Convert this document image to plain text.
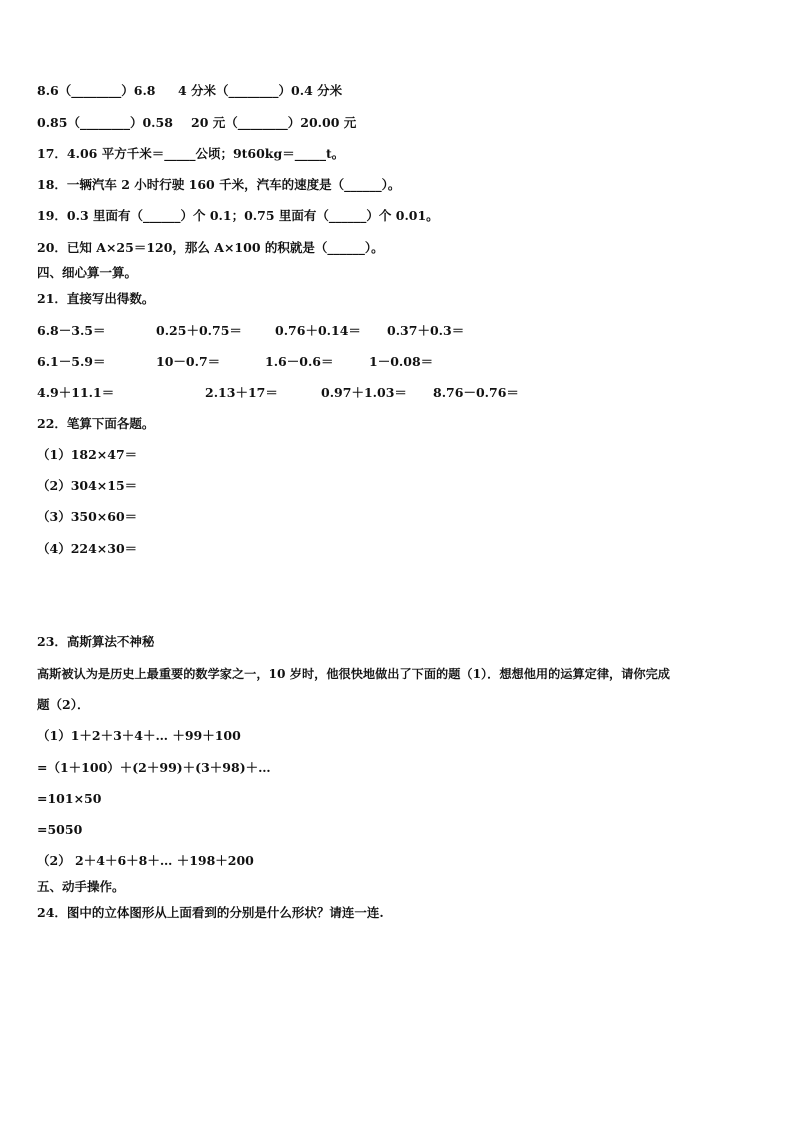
8.6（________）6.8 4 分米（________）0.4 分米
0.85（________）0.58 20 元（________）20.00 元
17．4.06 平方千米＝_____公顷；9t60kg＝_____t。
18．一辆汽车 2 小时行驶 160 千米，汽车的速度是（______）。
19．0.3 里面有（______）个 0.1；0.75 里面有（______）个 0.01。
20．已知 A×25＝120，那么 A×100 的积就是（______）。
四、细心算一算。
21．直接写出得数。
6.8－3.5＝	0.25＋0.75＝	0.76＋0.14＝ 0.37＋0.3＝
6.1－5.9＝	10－0.7＝	1.6－0.6＝	1－0.08＝
4.9＋11.1＝	2.13＋17＝	0.97＋1.03＝ 8.76－0.76＝
22．笔算下面各题。
（1）182×47＝
（2）304×15＝
（3）350×60＝
（4）224×30＝
23．高斯算法不神秘
高斯被认为是历史上最重要的数学家之一，10 岁时，他很快地做出了下面的题（1）．想想他用的运算定律，请你完成
题（2）．
（1）1＋2＋3＋4＋… ＋99＋100
=（1＋100）＋(2＋99)＋(3＋98)＋…
=101×50
=5050
（2） 2＋4＋6＋8＋… ＋198＋200
五、动手操作。
24．图中的立体图形从上面看到的分别是什么形状？请连一连.
